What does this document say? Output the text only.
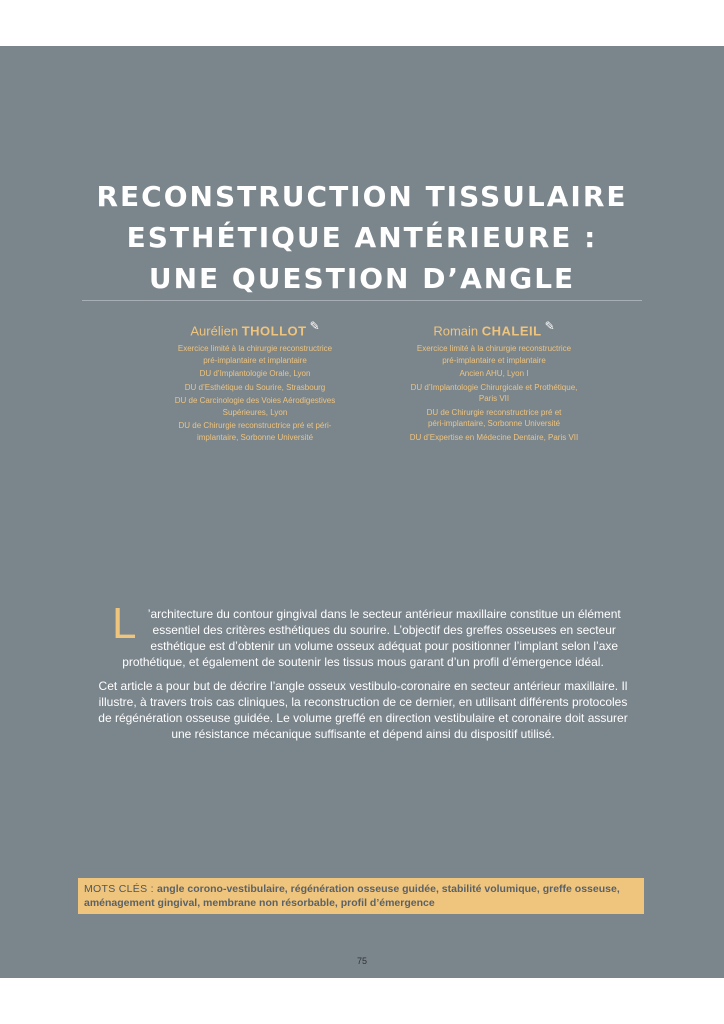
RECONSTRUCTION TISSULAIRE
ESTHÉTIQUE ANTÉRIEURE :
UNE QUESTION D’ANGLE
Aurélien THOLLOT ✎
Exercice limité à la chirurgie reconstructrice
pré-implantaire et implantaire
DU d’Implantologie Orale, Lyon
DU d’Esthétique du Sourire, Strasbourg
DU de Carcinologie des Voies Aérodigestives
Supérieures, Lyon
DU de Chirurgie reconstructrice pré et péri-
implantaire, Sorbonne Université
Romain CHALEIL ✎
Exercice limité à la chirurgie reconstructrice
pré-implantaire et implantaire
Ancien AHU, Lyon I
DU d’Implantologie Chirurgicale et Prothétique,
Paris VII
DU de Chirurgie reconstructrice pré et
péri-implantaire, Sorbonne Université
DU d’Expertise en Médecine Dentaire, Paris VII

L ’architecture du contour gingival dans le secteur antérieur maxillaire constitue un élément essentiel des critères esthétiques du sourire. L’objectif des greffes osseuses en secteur esthétique est d’obtenir un volume osseux adéquat pour positionner l’implant selon l’axe prothétique, et également de soutenir les tissus mous garant d’un profil d’émergence idéal.

Cet article a pour but de décrire l’angle osseux vestibulo-coronaire en secteur antérieur maxillaire. Il illustre, à travers trois cas cliniques, la reconstruction de ce dernier, en utilisant différents protocoles de régénération osseuse guidée. Le volume greffé en direction vestibulaire et coronaire doit assurer une résistance mécanique suffisante et dépend ainsi du dispositif utilisé.

MOTS CLÉS : angle corono-vestibulaire, régénération osseuse guidée, stabilité volumique, greffe osseuse, aménagement gingival, membrane non résorbable, profil d’émergence
75
